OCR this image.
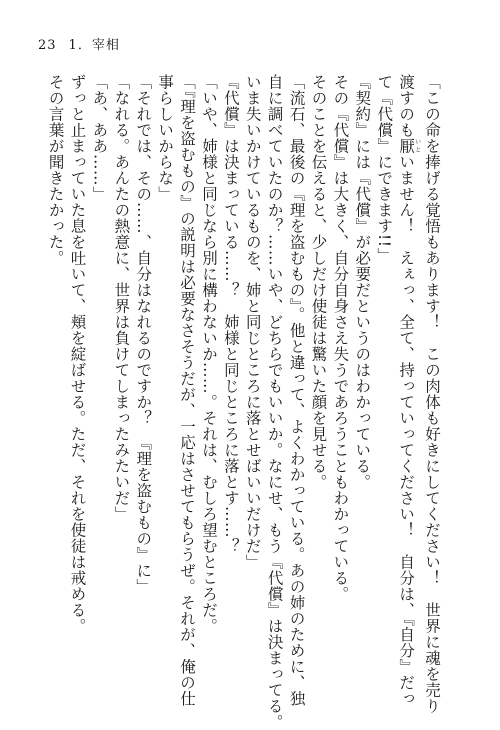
23 1．宰相
「この命を捧げる覚悟もあります！　この肉体も好きにしてください！　世界に魂を売り
渡すのも厭いといません！　えぇっ、全て、持っていってください！　自分は、『自分』だっ
て『代償』にできます!!」
『契約』には『代償』が必要だというのはわかっている。
その『代償』は大きく、自分自身さえ失うであろうこともわかっている。
そのことを伝えると、少しだけ使徒は驚いた顔を見せる。
「流石、最後の『理を盗むもの』。他と違って、よくわかっている。あの姉のために、独
自に調べていたのか？……いや、どちらでもいいか。なにせ、もう『代償』は決まってる。
いま失いかけているものを、姉と同じところに落とせばいいだけだ」
『代償』は決まっている……？　姉様と同じところに落とす……？
「いや、姉様と同じなら別に構わないか……。それは、むしろ望むところだ。
「『理を盗むもの』の説明は必要なさそうだが、一応はさせてもらうぜ。それが、俺の仕
事らしいからな」
「それでは、その……、自分はなれるのですか？　『理を盗むもの』に」
「なれる。あんたの熱意に、世界は負けてしまったみたいだ」
「あ、ああ……」
ずっと止まっていた息を吐いて、頬を綻ばせる。ただ、それを使徒は戒める。
その言葉が聞きたかった。
